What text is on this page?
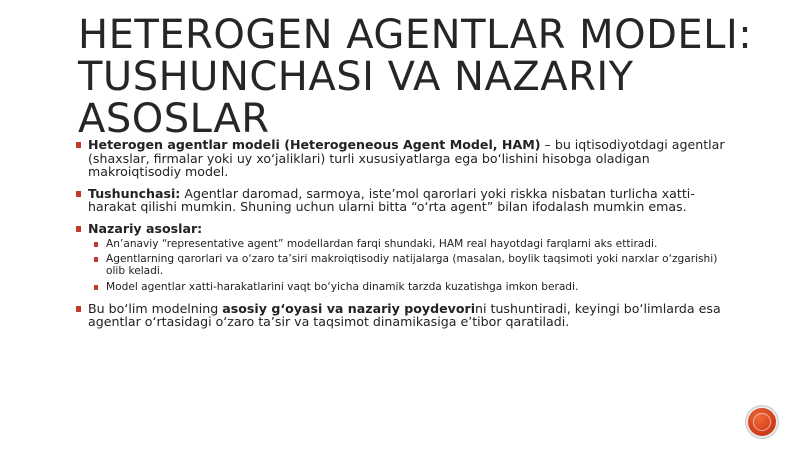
HETEROGEN AGENTLAR MODELI: TUSHUNCHASI VA NAZARIY ASOSLAR
Heterogen agentlar modeli (Heterogeneous Agent Model, HAM) – bu iqtisodiyotdagi agentlar (shaxslar, firmalar yoki uy xo‘jaliklari) turli xususiyatlarga ega bo‘lishini hisobga oladigan makroiqtisodiy model.
Tushunchasi: Agentlar daromad, sarmoya, iste’mol qarorlari yoki riskka nisbatan turlicha xatti-harakat qilishi mumkin. Shuning uchun ularni bitta “o‘rta agent” bilan ifodalash mumkin emas.
Nazariy asoslar:
An’anaviy “representative agent” modellardan farqi shundaki, HAM real hayotdagi farqlarni aks ettiradi.
Agentlarning qarorlari va o‘zaro ta’siri makroiqtisodiy natijalarga (masalan, boylik taqsimoti yoki narxlar o‘zgarishi) olib keladi.
Model agentlar xatti-harakatlarini vaqt bo‘yicha dinamik tarzda kuzatishga imkon beradi.
Bu bo‘lim modelning asosiy g‘oyasi va nazariy poydevorini tushuntiradi, keyingi bo‘limlarda esa agentlar o‘rtasidagi o‘zaro ta’sir va taqsimot dinamikasiga e’tibor qaratiladi.
